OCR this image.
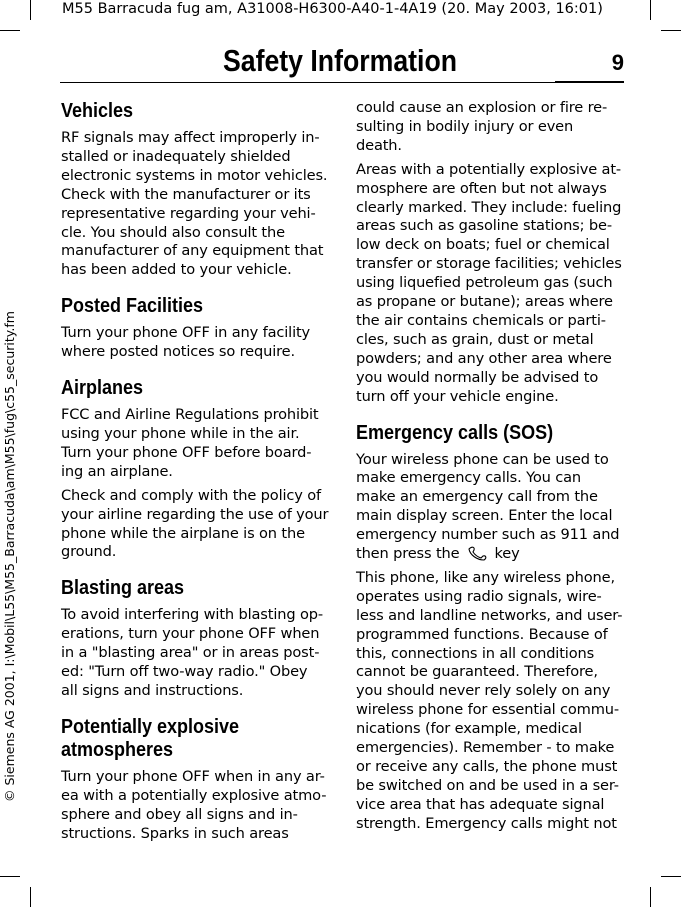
M55 Barracuda fug am, A31008-H6300-A40-1-4A19 (20. May 2003, 16:01)
Safety Information	9
© Siemens AG 2001, I:\Mobil\L55\M55_Barracuda\am\M55\fug\c55_security.fm
Vehicles
RF signals may affect improperly in-
stalled or inadequately shielded
electronic systems in motor vehicles.
Check with the manufacturer or its
representative regarding your vehi-
cle. You should also consult the
manufacturer of any equipment that
has been added to your vehicle.
Posted Facilities
Turn your phone OFF in any facility
where posted notices so require.
Airplanes
FCC and Airline Regulations prohibit
using your phone while in the air.
Turn your phone OFF before board-
ing an airplane.
Check and comply with the policy of
your airline regarding the use of your
phone while the airplane is on the
ground.
Blasting areas
To avoid interfering with blasting op-
erations, turn your phone OFF when
in a "blasting area" or in areas post-
ed: "Turn off two-way radio." Obey
all signs and instructions.
Potentially explosive
atmospheres
Turn your phone OFF when in any ar-
ea with a potentially explosive atmo-
sphere and obey all signs and in-
structions. Sparks in such areas
could cause an explosion or fire re-
sulting in bodily injury or even
death.
Areas with a potentially explosive at-
mosphere are often but not always
clearly marked. They include: fueling
areas such as gasoline stations; be-
low deck on boats; fuel or chemical
transfer or storage facilities; vehicles
using liquefied petroleum gas (such
as propane or butane); areas where
the air contains chemicals or parti-
cles, such as grain, dust or metal
powders; and any other area where
you would normally be advised to
turn off your vehicle engine.
Emergency calls (SOS)
Your wireless phone can be used to
make emergency calls. You can
make an emergency call from the
main display screen. Enter the local
emergency number such as 911 and
then press the key
This phone, like any wireless phone,
operates using radio signals, wire-
less and landline networks, and user-
programmed functions. Because of
this, connections in all conditions
cannot be guaranteed. Therefore,
you should never rely solely on any
wireless phone for essential commu-
nications (for example, medical
emergencies). Remember - to make
or receive any calls, the phone must
be switched on and be used in a ser-
vice area that has adequate signal
strength. Emergency calls might not
